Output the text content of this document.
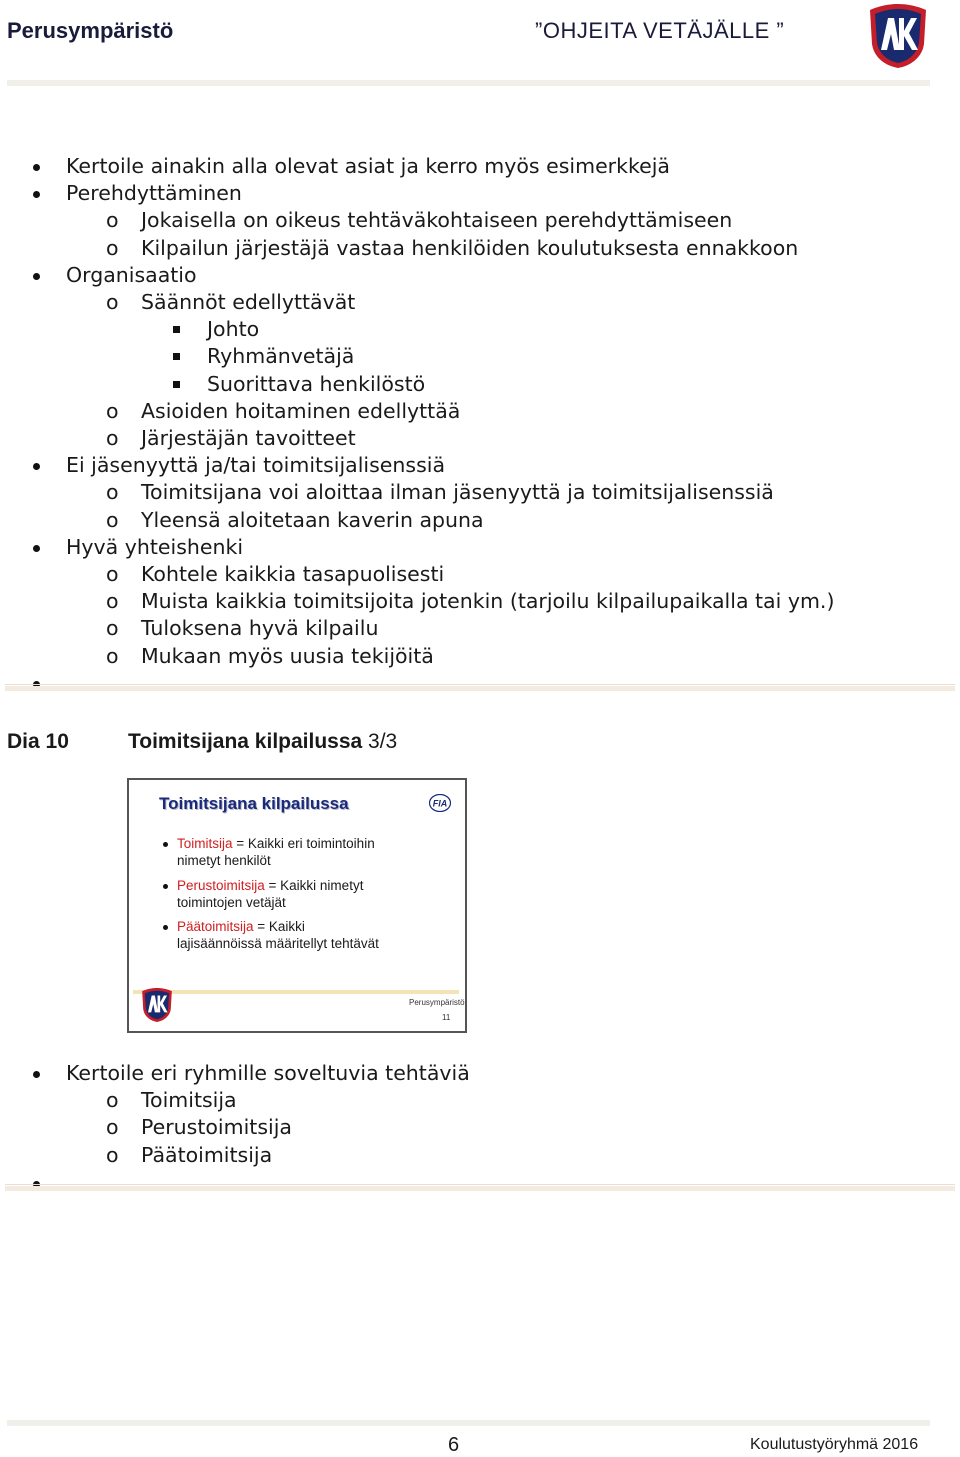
Perusympäristö	”OHJEITA VETÄJÄLLE ”
Kertoile ainakin alla olevat asiat ja kerro myös esimerkkejä
Perehdyttäminen
o Jokaisella on oikeus tehtäväkohtaiseen perehdyttämiseen
o Kilpailun järjestäjä vastaa henkilöiden koulutuksesta ennakkoon
Organisaatio
o Säännöt edellyttävät
Johto
Ryhmänvetäjä
Suorittava henkilöstö
o Asioiden hoitaminen edellyttää
o Järjestäjän tavoitteet
Ei jäsenyyttä ja/tai toimitsijalisenssiä
o Toimitsijana voi aloittaa ilman jäsenyyttä ja toimitsijalisenssiä
o Yleensä aloitetaan kaverin apuna
Hyvä yhteishenki
o Kohtele kaikkia tasapuolisesti
o Muista kaikkia toimitsijoita jotenkin (tarjoilu kilpailupaikalla tai ym.)
o Tuloksena hyvä kilpailu
o Mukaan myös uusia tekijöitä
Dia 10	Toimitsijana kilpailussa 3/3
Toimitsijana kilpailussa	FIA
Toimitsija = Kaikki eri toimintoihin
nimetyt henkilöt
Perustoimitsija = Kaikki nimetyt
toimintojen vetäjät
Päätoimitsija = Kaikki
lajisäännöissä määritellyt tehtävät
Perusympäristö
11
Kertoile eri ryhmille soveltuvia tehtäviä
o Toimitsija
o Perustoimitsija
o Päätoimitsija
6	Koulutustyöryhmä 2016
